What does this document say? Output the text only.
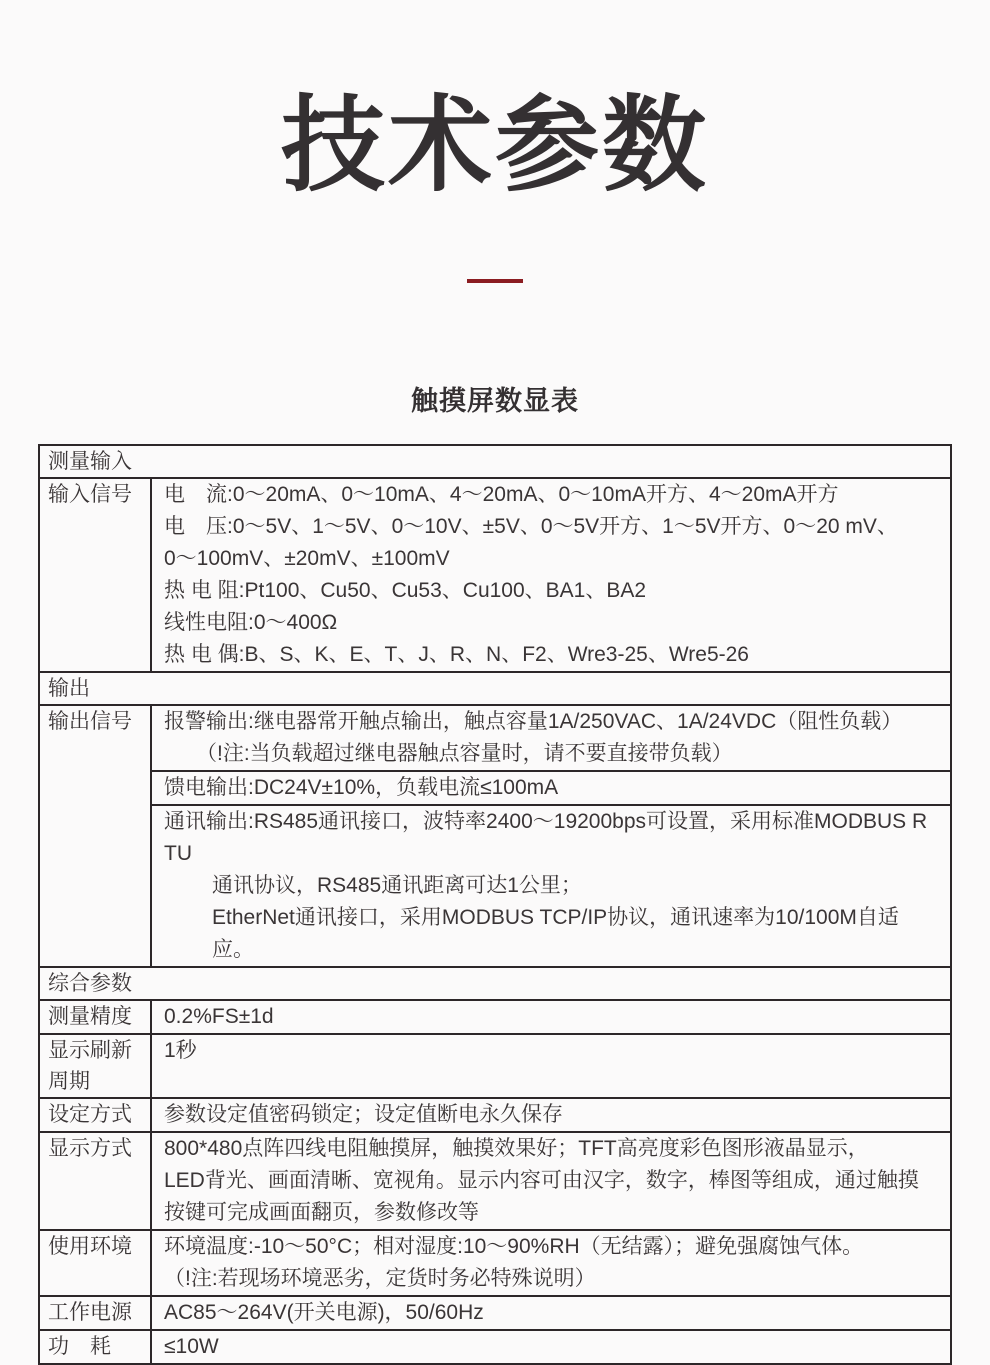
技术参数
触摸屏数显表
测量输入	
输入信号	电　流:0～20mA、0～10mA、4～20mA、0～10mA开方、4～20mA开方
电　压:0～5V、1～5V、0～10V、±5V、0～5V开方、1～5V开方、0～20 mV、
0～100mV、±20mV、±100mV
热 电 阻:Pt100、Cu50、Cu53、Cu100、BA1、BA2
线性电阻:0～400Ω
热 电 偶:B、S、K、E、T、J、R、N、F2、Wre3-25、Wre5-26

输出	
输出信号	报警输出:继电器常开触点输出，触点容量1A/250VAC、1A/24VDC（阻性负载）
（!注:当负载超过继电器触点容量时，请不要直接带负载）

	馈电输出:DC24V±10%，负载电流≤100mA

	通讯输出:RS485通讯接口，波特率2400～19200bps可设置，采用标准MODBUS RTU
通讯协议，RS485通讯距离可达1公里；
EtherNet通讯接口，采用MODBUS TCP/IP协议，通讯速率为10/100M自适应。

综合参数	
测量精度	0.2%FS±1d

显示刷新周期	1秒

设定方式	参数设定值密码锁定；设定值断电永久保存

显示方式	800*480点阵四线电阻触摸屏，触摸效果好；TFT高亮度彩色图形液晶显示，
LED背光、画面清晰、宽视角。显示内容可由汉字，数字，棒图等组成，通过触摸
按键可完成画面翻页，参数修改等

使用环境	环境温度:-10～50°C；相对湿度:10～90%RH（无结露）；避免强腐蚀气体。
（!注:若现场环境恶劣，定货时务必特殊说明）

工作电源	AC85～264V(开关电源)，50/60Hz

功　耗	≤10W
